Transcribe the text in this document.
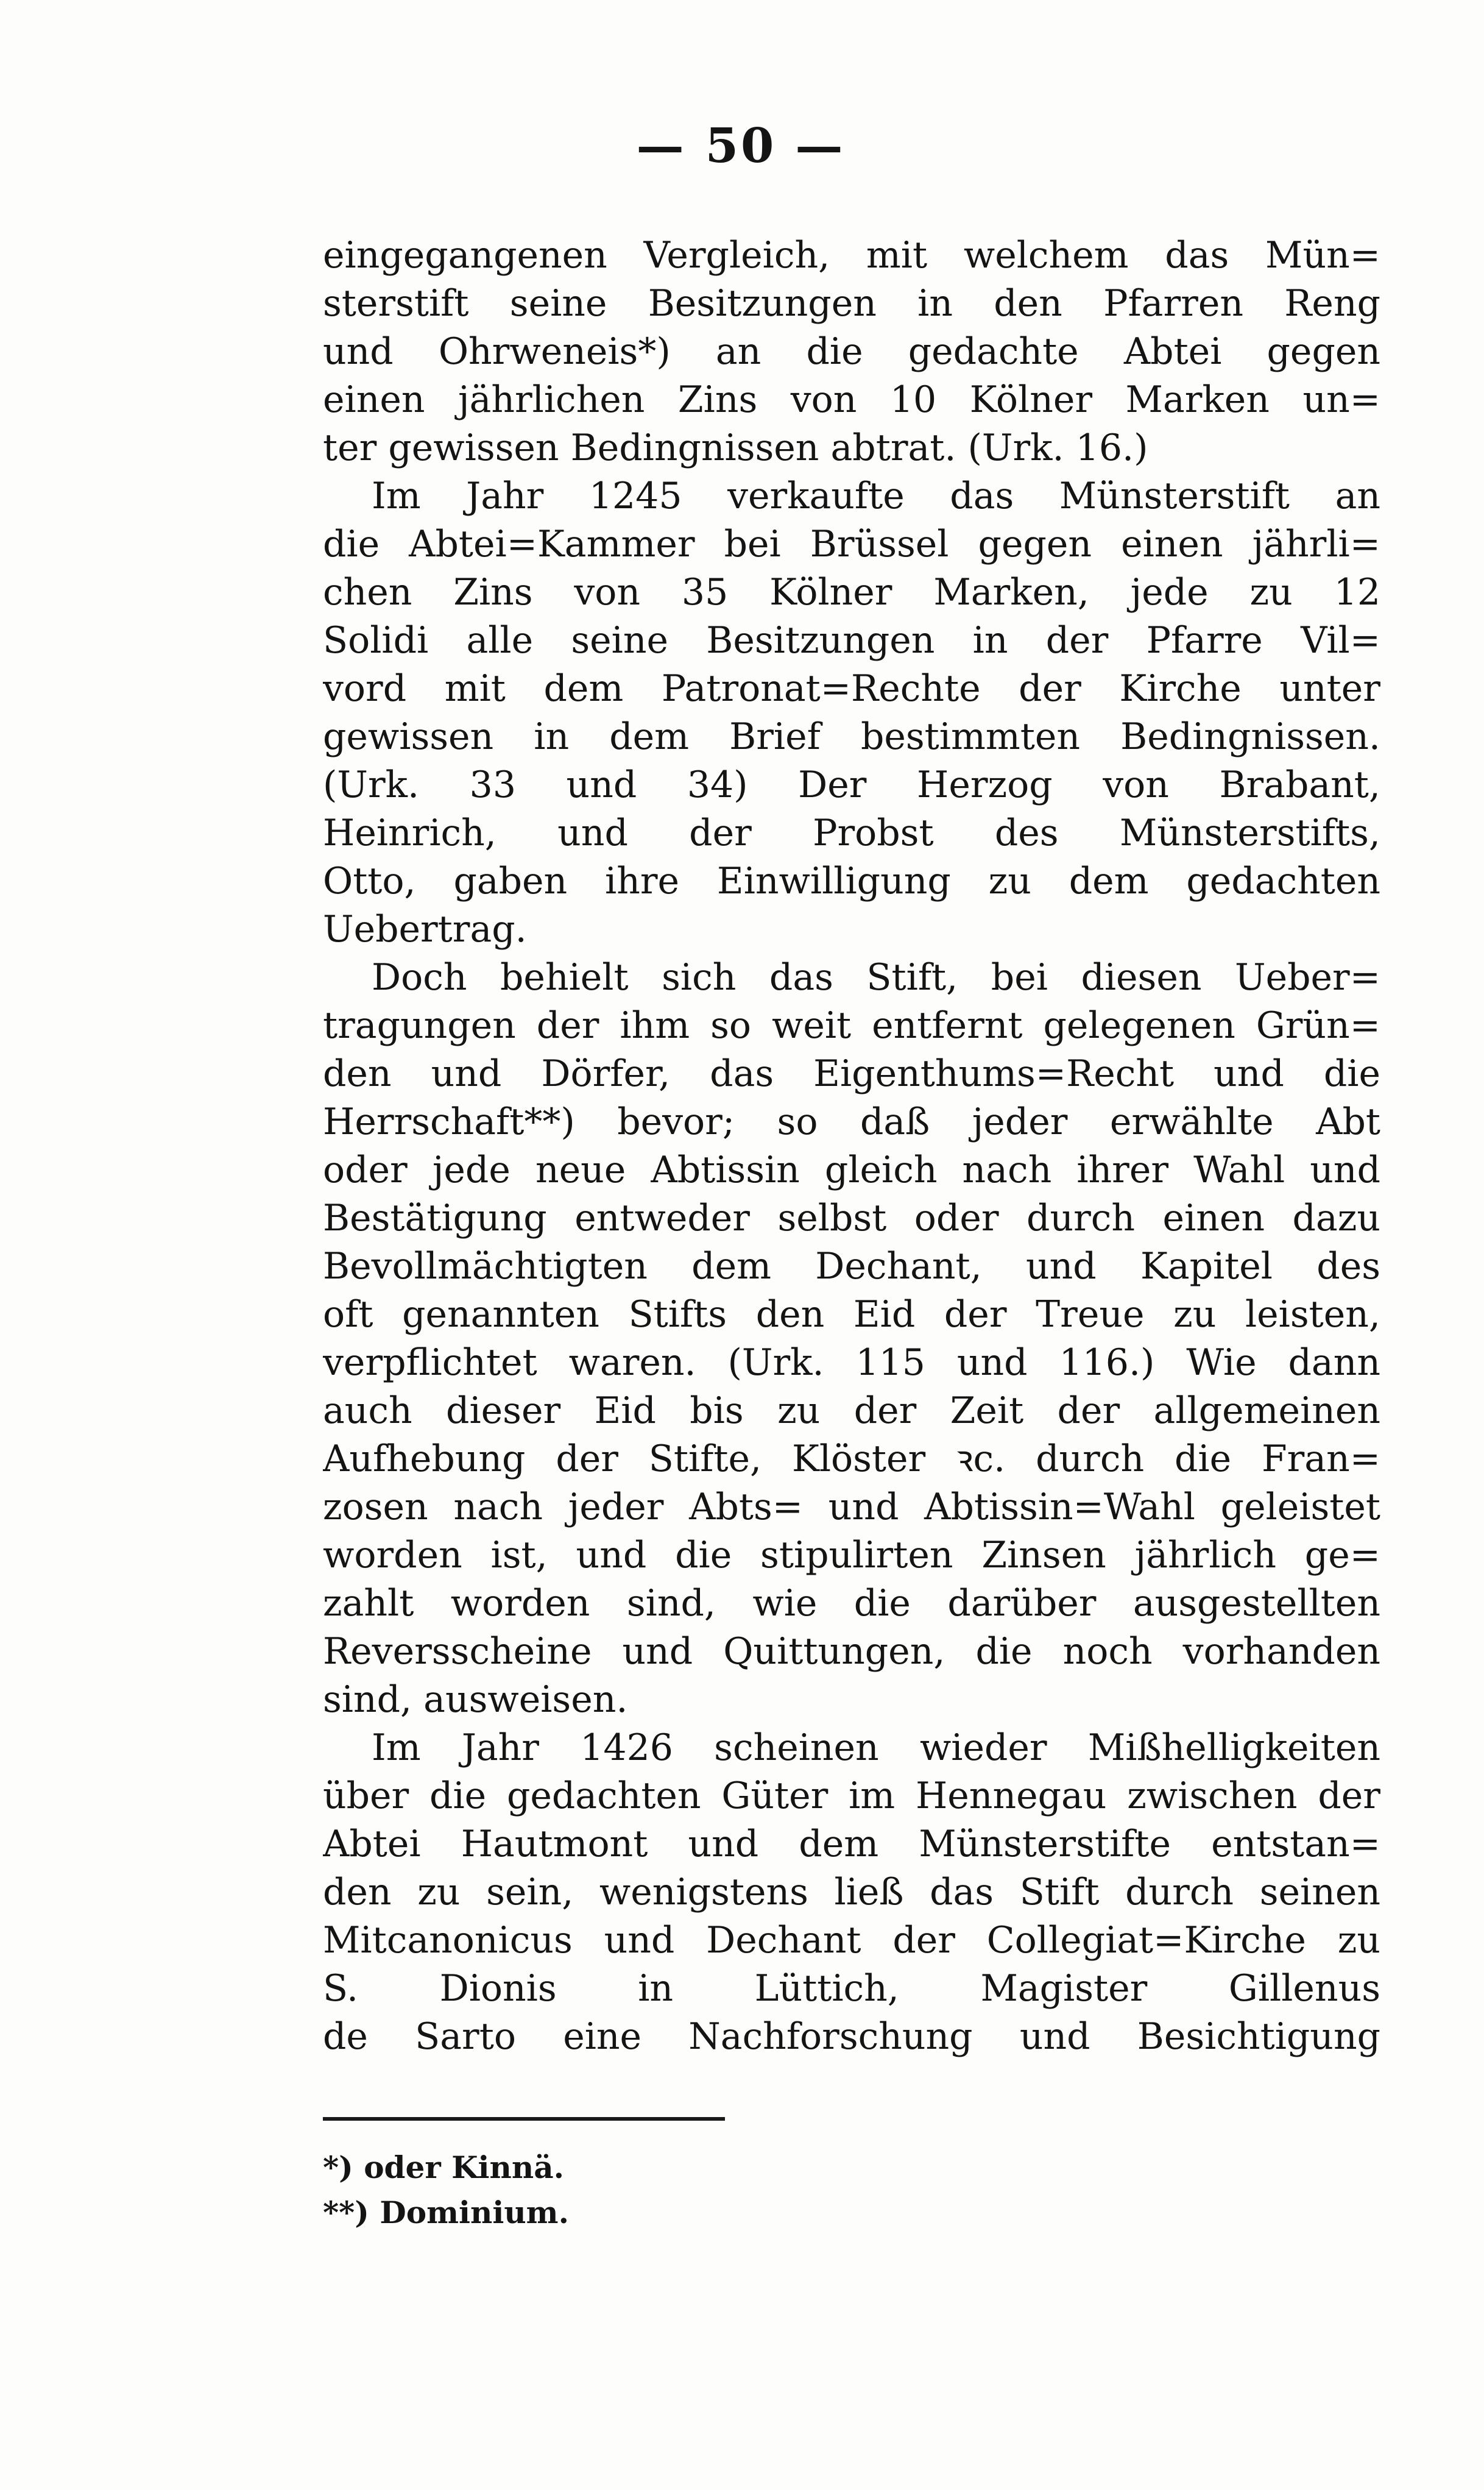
— 50 —
eingegangenen Vergleich, mit welchem das Mün=
sterstift seine Besitzungen in den Pfarren Reng
und Ohrweneis*) an die gedachte Abtei gegen
einen jährlichen Zins von 10 Kölner Marken un=
ter gewissen Bedingnissen abtrat. (Urk. 16.)
Im Jahr 1245 verkaufte das Münsterstift an
die Abtei=Kammer bei Brüssel gegen einen jährli=
chen Zins von 35 Kölner Marken, jede zu 12
Solidi alle seine Besitzungen in der Pfarre Vil=
vord mit dem Patronat=Rechte der Kirche unter
gewissen in dem Brief bestimmten Bedingnissen.
(Urk. 33 und 34) Der Herzog von Brabant,
Heinrich, und der Probst des Münsterstifts,
Otto, gaben ihre Einwilligung zu dem gedachten
Uebertrag.
Doch behielt sich das Stift, bei diesen Ueber=
tragungen der ihm so weit entfernt gelegenen Grün=
den und Dörfer, das Eigenthums=Recht und die
Herrschaft**) bevor; so daß jeder erwählte Abt
oder jede neue Abtissin gleich nach ihrer Wahl und
Bestätigung entweder selbst oder durch einen dazu
Bevollmächtigten dem Dechant, und Kapitel des
oft genannten Stifts den Eid der Treue zu leisten,
verpflichtet waren. (Urk. 115 und 116.) Wie dann
auch dieser Eid bis zu der Zeit der allgemeinen
Aufhebung der Stifte, Klöster ꝛc. durch die Fran=
zosen nach jeder Abts= und Abtissin=Wahl geleistet
worden ist, und die stipulirten Zinsen jährlich ge=
zahlt worden sind, wie die darüber ausgestellten
Reversscheine und Quittungen, die noch vorhanden
sind, ausweisen.
Im Jahr 1426 scheinen wieder Mißhelligkeiten
über die gedachten Güter im Hennegau zwischen der
Abtei Hautmont und dem Münsterstifte entstan=
den zu sein, wenigstens ließ das Stift durch seinen
Mitcanonicus und Dechant der Collegiat=Kirche zu
S. Dionis in Lüttich, Magister Gillenus
de Sarto eine Nachforschung und Besichtigung
*) oder Kinnä.
**) Dominium.
